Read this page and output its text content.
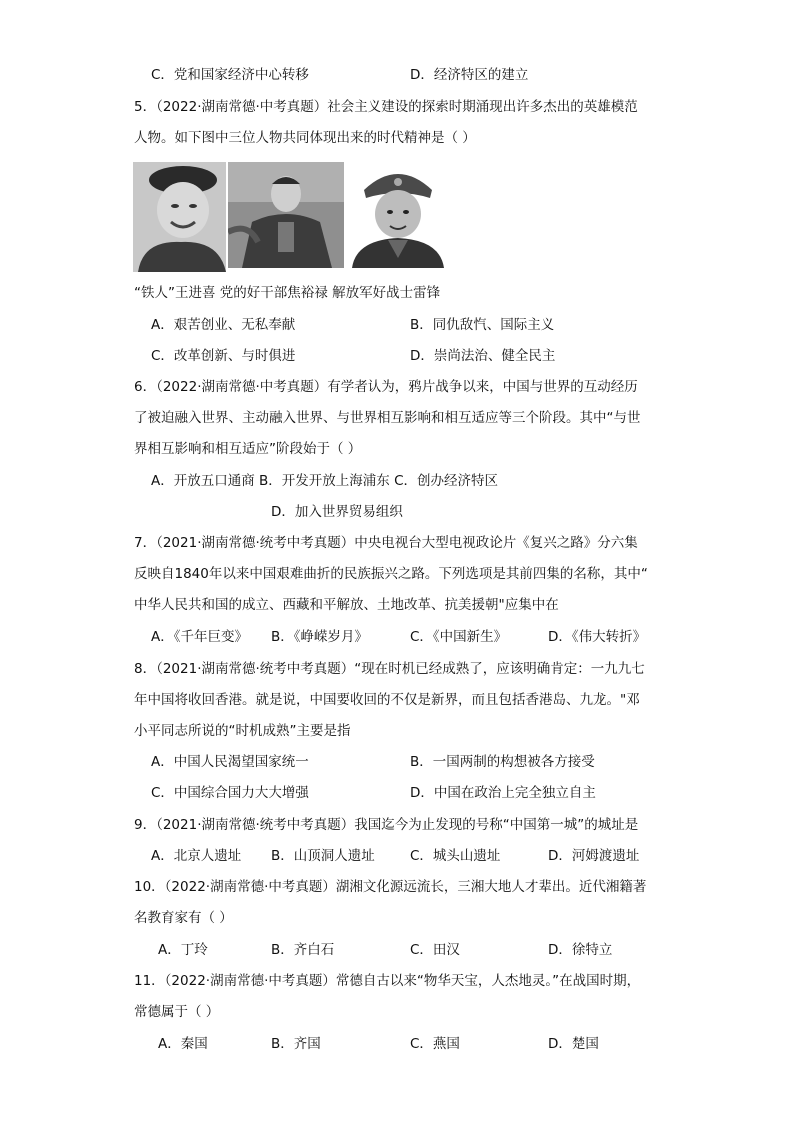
C．党和国家经济中心转移	D．经济特区的建立
5．（2022·湖南常德·中考真题）社会主义建设的探索时期涌现出许多杰出的英雄模范
人物。如下图中三位人物共同体现出来的时代精神是（ ）
“铁人”王进喜 党的好干部焦裕禄 解放军好战士雷锋
A．艰苦创业、无私奉献	B．同仇敌忾、国际主义
C．改革创新、与时俱进	D．崇尚法治、健全民主
6．（2022·湖南常德·中考真题）有学者认为，鸦片战争以来，中国与世界的互动经历
了被迫融入世界、主动融入世界、与世界相互影响和相互适应等三个阶段。其中“与世
界相互影响和相互适应”阶段始于（ ）
A．开放五口通商 B．开发开放上海浦东 C．创办经济特区
D．加入世界贸易组织
7．（2021·湖南常德·统考中考真题）中央电视台大型电视政论片《复兴之路》分六集
反映自1840年以来中国艰难曲折的民族振兴之路。下列选项是其前四集的名称，其中“
中华人民共和国的成立、西藏和平解放、土地改革、抗美援朝"应集中在
A．《千年巨变》 B．《峥嵘岁月》	C．《中国新生》	D．《伟大转折》
8．（2021·湖南常德·统考中考真题）“现在时机已经成熟了，应该明确肯定：一九九七
年中国将收回香港。就是说，中国要收回的不仅是新界，而且包括香港岛、九龙。"邓
小平同志所说的“时机成熟”主要是指
A．中国人民渴望国家统一	B．一国两制的构想被各方接受
C．中国综合国力大大增强	D．中国在政治上完全独立自主
9．（2021·湖南常德·统考中考真题）我国迄今为止发现的号称“中国第一城”的城址是
A．北京人遗址 B．山顶洞人遗址	C．城头山遗址	D．河姆渡遗址
10．（2022·湖南常德·中考真题）湖湘文化源远流长，三湘大地人才辈出。近代湘籍著
名教育家有（ ）
A．丁玲	B．齐白石	C．田汉	D．徐特立
11．（2022·湖南常德·中考真题）常德自古以来“物华天宝，人杰地灵。”在战国时期，
常德属于（ ）
A．秦国	B．齐国	C．燕国	D．楚国
